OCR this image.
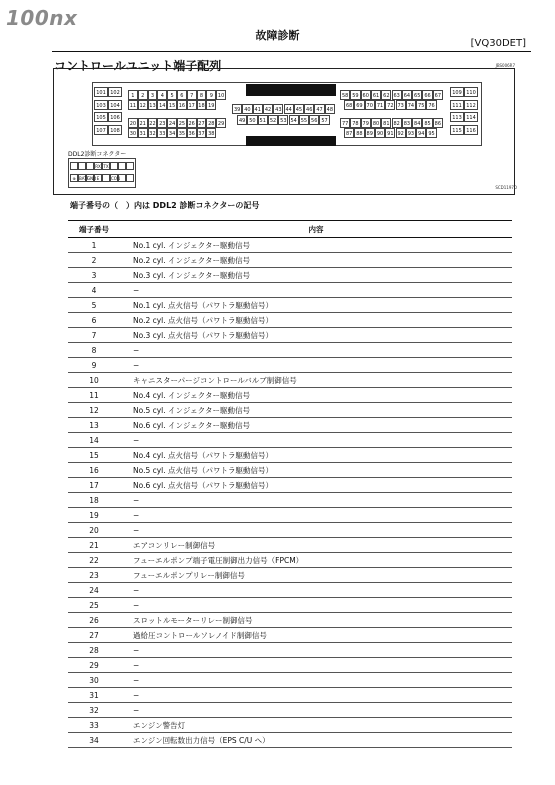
100nx
故障診断
[VQ30DET]
コントロールユニット端子配列	JBS006R7
101 102
103 104
105 106
107 108
1	2	3	4	5	6	7	8	9	10
11 12 13 14 15 16 17 18 19
20 21 22 23 24 25 26 27 28 29
30 31 32 33 34 35 36 37 38
39 40 41 42 43 44 45 46 47 48
49 50 51 52 53 54 55 56 57
58 59 60 61 62 63 64 65 66 67
68 69 70 71 72 73 74 75 76
77 78 79 80 81 82 83 84 85 86
87 88 89 90 91 92 93 94 95
109 110
111 112
113 114
115 116
DDL2診断コネクター
RX TX
⊕ BATT
GND E	CON
SCD1197D
端子番号の（　）内は DDL2 診断コネクターの記号
端子番号	内容
1	No.1 cyl. インジェクター駆動信号
2	No.2 cyl. インジェクター駆動信号
3	No.3 cyl. インジェクター駆動信号
4	−
5	No.1 cyl. 点火信号（パワトラ駆動信号）
6	No.2 cyl. 点火信号（パワトラ駆動信号）
7	No.3 cyl. 点火信号（パワトラ駆動信号）
8	−
9	−
10	キャニスターパージコントロールバルブ制御信号
11	No.4 cyl. インジェクター駆動信号
12	No.5 cyl. インジェクター駆動信号
13	No.6 cyl. インジェクター駆動信号
14	−
15	No.4 cyl. 点火信号（パワトラ駆動信号）
16	No.5 cyl. 点火信号（パワトラ駆動信号）
17	No.6 cyl. 点火信号（パワトラ駆動信号）
18	−
19	−
20	−
21	エアコンリレー制御信号
22	フューエルポンプ端子電圧制御出力信号（FPCM）
23	フューエルポンプリレー制御信号
24	−
25	−
26	スロットルモーターリレー制御信号
27	過給圧コントロールソレノイド制御信号
28	−
29	−
30	−
31	−
32	−
33	エンジン警告灯
34	エンジン回転数出力信号（EPS C/U へ）
